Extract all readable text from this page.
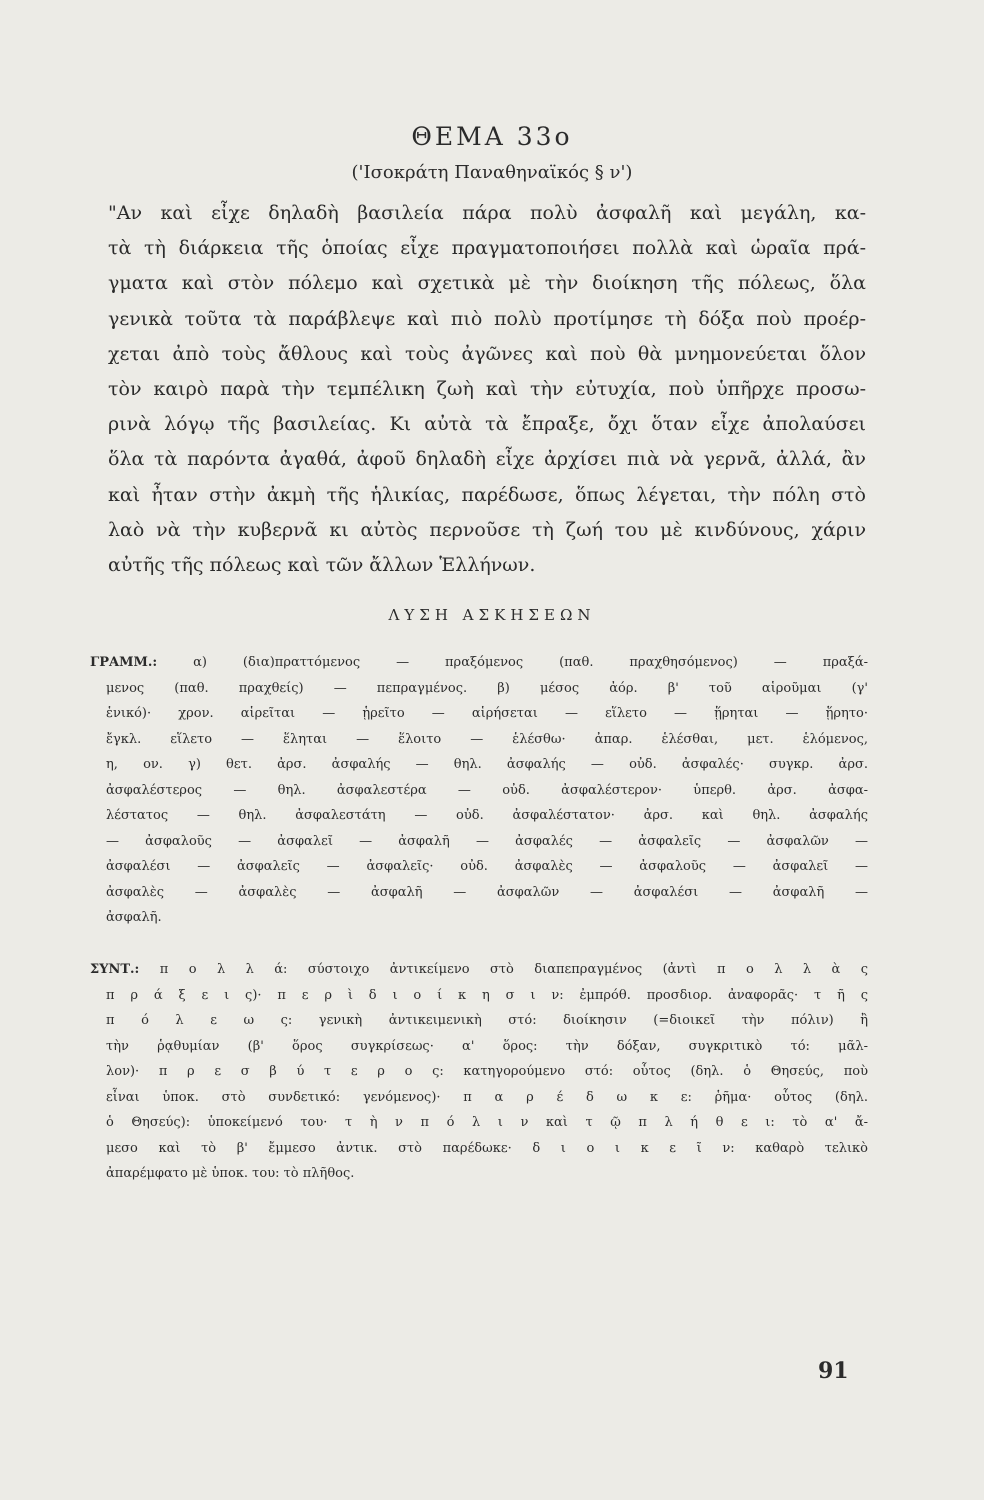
ΘΕΜΑ 33ο
('Ισοκράτη Παναθηναϊκός § ν')
"Αν καὶ εἶχε δηλαδὴ βασιλεία πάρα πολὺ ἀσφαλῆ καὶ μεγάλη, κα-
τὰ τὴ διάρκεια τῆς ὁποίας εἶχε πραγματοποιήσει πολλὰ καὶ ὡραῖα πρά-
γματα καὶ στὸν πόλεμο καὶ σχετικὰ μὲ τὴν διοίκηση τῆς πόλεως, ὅλα
γενικὰ τοῦτα τὰ παράβλεψε καὶ πιὸ πολὺ προτίμησε τὴ δόξα ποὺ προέρ-
χεται ἀπὸ τοὺς ἄθλους καὶ τοὺς ἀγῶνες καὶ ποὺ θὰ μνημονεύεται ὅλον
τὸν καιρὸ παρὰ τὴν τεμπέλικη ζωὴ καὶ τὴν εὐτυχία, ποὺ ὑπῆρχε προσω-
ρινὰ λόγῳ τῆς βασιλείας. Κι αὐτὰ τὰ ἔπραξε, ὄχι ὅταν εἶχε ἀπολαύσει
ὅλα τὰ παρόντα ἀγαθά, ἀφοῦ δηλαδὴ εἶχε ἀρχίσει πιὰ νὰ γερνᾶ, ἀλλά, ἂν
καὶ ἦταν στὴν ἀκμὴ τῆς ἡλικίας, παρέδωσε, ὅπως λέγεται, τὴν πόλη στὸ
λαὸ νὰ τὴν κυβερνᾶ κι αὐτὸς περνοῦσε τὴ ζωή του μὲ κινδύνους, χάριν
αὐτῆς τῆς πόλεως καὶ τῶν ἄλλων Ἑλλήνων.
ΛΥΣΗ ΑΣΚΗΣΕΩΝ
ΓΡΑΜΜ.:	α) (δια)πραττόμενος — πραξόμενος (παθ. πραχθησόμενος) — πραξά-
μενος (παθ. πραχθείς) — πεπραγμένος. β) μέσος ἀόρ. β' τοῦ αἱροῦμαι (γ'
ἑνικό)· χρον. αἱρεῖται — ᾑρεῖτο — αἱρήσεται — εἵλετο — ᾕρηται — ᾕρητο·
ἔγκλ. εἵλετο — ἕληται — ἕλοιτο — ἑλέσθω· ἀπαρ. ἑλέσθαι, μετ. ἑλόμενος,
η, ον. γ) θετ. ἀρσ. ἀσφαλής — θηλ. ἀσφαλής — οὐδ. ἀσφαλές· συγκρ. ἀρσ.
ἀσφαλέστερος — θηλ. ἀσφαλεστέρα — οὐδ. ἀσφαλέστερον· ὑπερθ. ἀρσ. ἀσφα-
λέστατος — θηλ. ἀσφαλεστάτη — οὐδ. ἀσφαλέστατον· ἀρσ. καὶ θηλ. ἀσφαλής
— ἀσφαλοῦς — ἀσφαλεῖ — ἀσφαλῆ — ἀσφαλές — ἀσφαλεῖς — ἀσφαλῶν —
ἀσφαλέσι — ἀσφαλεῖς — ἀσφαλεῖς· οὐδ. ἀσφαλὲς — ἀσφαλοῦς — ἀσφαλεῖ —
ἀσφαλὲς — ἀσφαλὲς — ἀσφαλῆ — ἀσφαλῶν — ἀσφαλέσι — ἀσφαλῆ —
ἀσφαλῆ.
ΣΥΝΤ.: π ο λ λ ά: σύστοιχο ἀντικείμενο στὸ διαπεπραγμένος (ἀντὶ π ο λ λ ὰ ς
π ρ ά ξ ε ι ς)· π ε ρ ὶ δ ι ο ί κ η σ ι ν: ἐμπρόθ. προσδιορ. ἀναφορᾶς· τ ῆ ς
π ό λ ε ω ς: γενικὴ ἀντικειμενικὴ στό: διοίκησιν (=διοικεῖ τὴν πόλιν) ἢ
τὴν ῥᾳθυμίαν (β' ὅρος συγκρίσεως· α' ὅρος: τὴν δόξαν, συγκριτικὸ τό: μᾶλ-
λον)· π ρ ε σ β ύ τ ε ρ ο ς: κατηγορούμενο στό: οὗτος (δηλ. ὁ Θησεύς, ποὺ
εἶναι ὑποκ. στὸ συνδετικό: γενόμενος)· π α ρ έ δ ω κ ε: ῥῆμα· οὗτος (δηλ.
ὁ Θησεύς): ὑποκείμενό του· τ ὴ ν π ό λ ι ν καὶ τ ῷ π λ ή θ ε ι: τὸ α' ἄ-
μεσο καὶ τὸ β' ἔμμεσο ἀντικ. στὸ παρέδωκε· δ ι ο ι κ ε ῖ ν: καθαρὸ τελικὸ
ἀπαρέμφατο μὲ ὑποκ. του: τὸ πλῆθος.
91
